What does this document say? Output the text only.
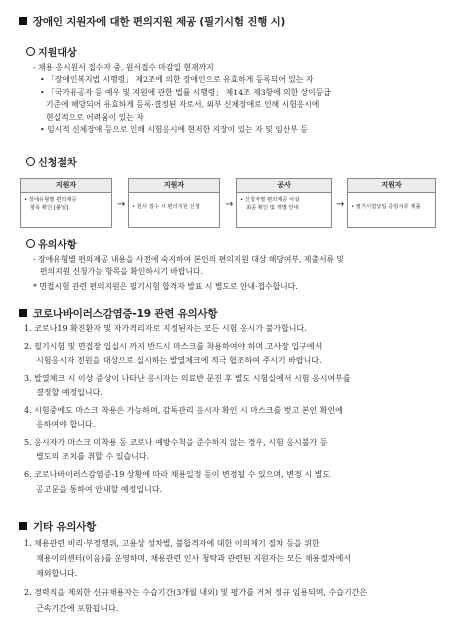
장애인 지원자에 대한 편의지원 제공 (필기시험 진행 시)
지원대상
- 채용 응시원서 접수자 중, 원서접수 마감일 현재까지
• 「장애인복지법 시행령」 제2조에 의한 장애인으로 유효하게 등록되어 있는 자
• 「국가유공자 등 예우 및 지원에 관한 법률 시행령」 제14조 제3항에 의한 상이등급
기준에 해당되어 유효하게 등록·결정된 자로서, 외부 신체장애로 인해 시험응시에
현실적으로 어려움이 있는 자
• 임시적 신체장애 등으로 인해 시험응시에 현저한 지장이 있는 자 및 임산부 등
신청절차
지원자
• 장애유형별 편의제공
항목 확인 [붙임]	→
지원자
• 원서 접수 시 편의지원 신청	→
공사
• 신청자별 편의제공 사실
최종 확인 및 개별 안내	→
지원자
• 필기시험당일 증빙서류 제출
유의사항
- 장애유형별 편의제공 내용을 사전에 숙지하여 본인의 편의지원 대상 해당여부, 제출서류 및
편의지원 신청가능 항목을 확인하시기 바랍니다.
* 면접시험 관련 편의지원은 필기시험 합격자 발표 시 별도로 안내·접수합니다.
코로나바이러스감염증-19 관련 유의사항
1. 코로나19 확진환자 및 자가격리자로 지정된자는 모든 시험 응시가 불가합니다.
2. 필기시험 및 면접장 입실시 까지 반드시 마스크를 착용하여야 하며 고사장 입구에서
시험응시자 전원을 대상으로 실시하는 발열체크에 적극 협조하여 주시기 바랍니다.
3. 발열체크 시 이상 증상이 나타난 응시자는 의료반 문진 후 별도 시험실에서 시험 응시여부를
결정할 예정입니다.
4. 시험중에도 마스크 착용은 가능하며, 감독관리 응시자 확인 시 마스크를 벗고 본인 확인에
응하여야 합니다.
5. 응시자가 마스크 미착용 등 코로나 예방수칙을 준수하지 않는 경우, 시험 응시불가 등
별도의 조치를 취할 수 있습니다.
6. 코로나바이러스감염증-19 상황에 따라 채용일정 등이 변경될 수 있으며, 변경 시 별도
공고문을 통하여 안내할 예정입니다.
기타 유의사항
1. 채용관련 비리·부정행위, 고용상 성차별, 불합격자에 대한 이의제기 절차 등을 위한
채용이의센터(이음)를 운영하며, 채용관련 인사 청탁과 관련된 지원자는 모든 채용절차에서
제외합니다.
2. 경력직을 제외한 신규채용자는 수습기간(3개월 내외) 및 평가를 거쳐 정규 임용되며, 수습기간은
근속기간에 포함됩니다.
